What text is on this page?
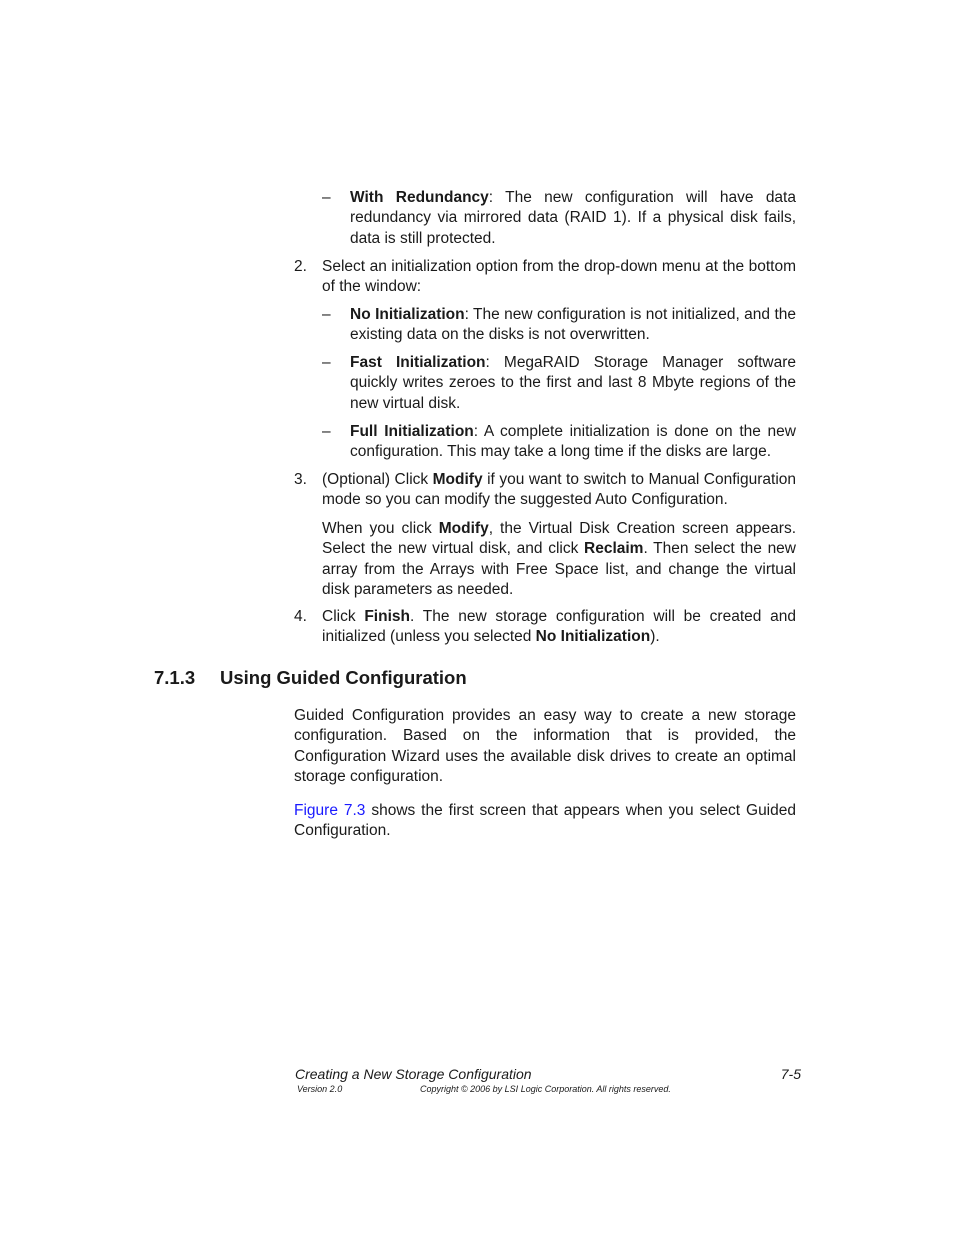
– With Redundancy: The new configuration will have data redundancy via mirrored data (RAID 1). If a physical disk fails, data is still protected.

2. Select an initialization option from the drop-down menu at the bottom of the window:

– No Initialization: The new configuration is not initialized, and the existing data on the disks is not overwritten.

– Fast Initialization: MegaRAID Storage Manager software quickly writes zeroes to the first and last 8 Mbyte regions of the new virtual disk.

– Full Initialization: A complete initialization is done on the new configuration. This may take a long time if the disks are large.

3. (Optional) Click Modify if you want to switch to Manual Configuration mode so you can modify the suggested Auto Configuration.

When you click Modify, the Virtual Disk Creation screen appears. Select the new virtual disk, and click Reclaim. Then select the new array from the Arrays with Free Space list, and change the virtual disk parameters as needed.

4. Click Finish. The new storage configuration will be created and initialized (unless you selected No Initialization).

7.1.3 Using Guided Configuration

Guided Configuration provides an easy way to create a new storage configuration. Based on the information that is provided, the Configuration Wizard uses the available disk drives to create an optimal storage configuration.

Figure 7.3 shows the first screen that appears when you select Guided Configuration.

Creating a New Storage Configuration	7-5
Version 2.0	Copyright © 2006 by LSI Logic Corporation. All rights reserved.
